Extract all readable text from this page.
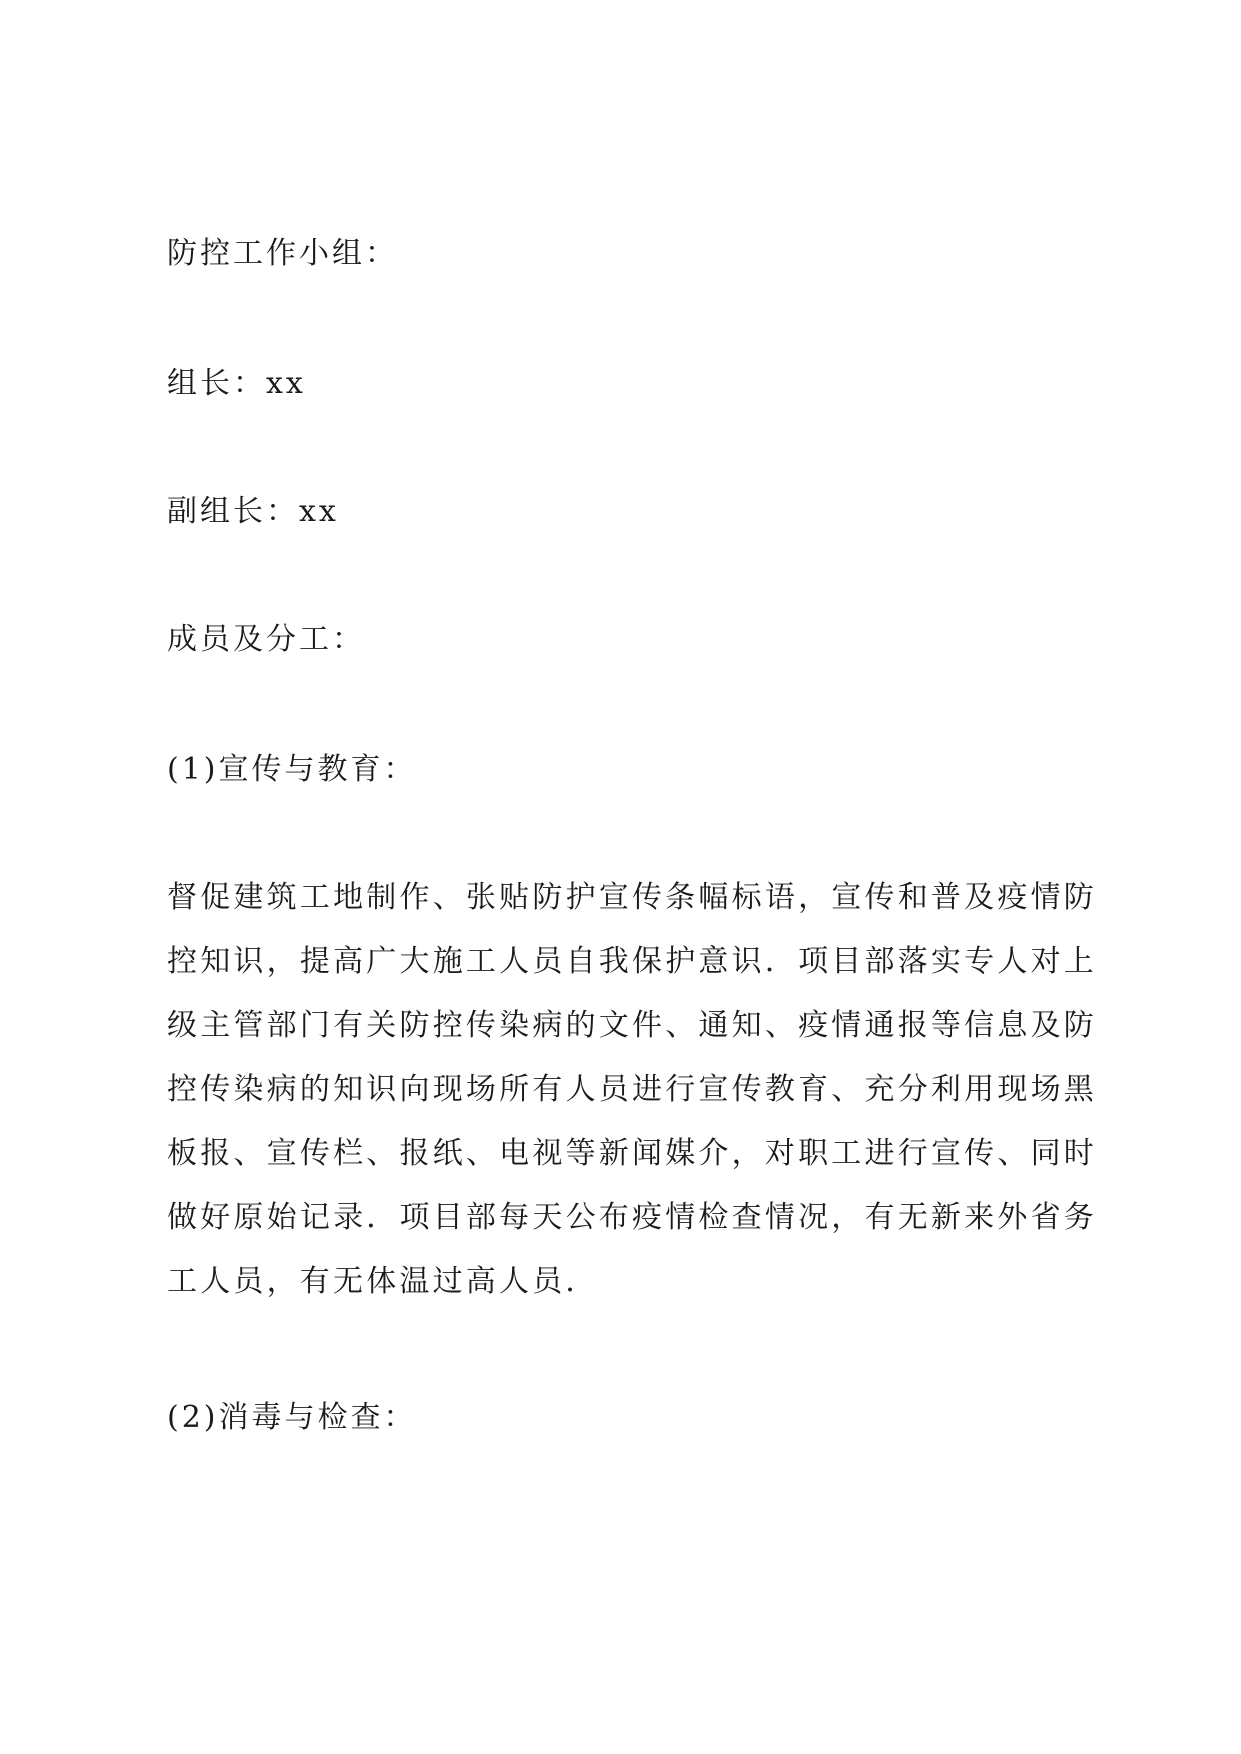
防控工作小组：
组长：xx
副组长：xx
成员及分工：
(1)宣传与教育：

督促建筑工地制作、张贴防护宣传条幅标语，宣传和普及疫情防控知识，提高广大施工人员自我保护意识．项目部落实专人对上级主管部门有关防控传染病的文件、通知、疫情通报等信息及防控传染病的知识向现场所有人员进行宣传教育、充分利用现场黑板报、宣传栏、报纸、电视等新闻媒介，对职工进行宣传、同时做好原始记录．项目部每天公布疫情检查情况，有无新来外省务工人员，有无体温过高人员．

(2)消毒与检查：
